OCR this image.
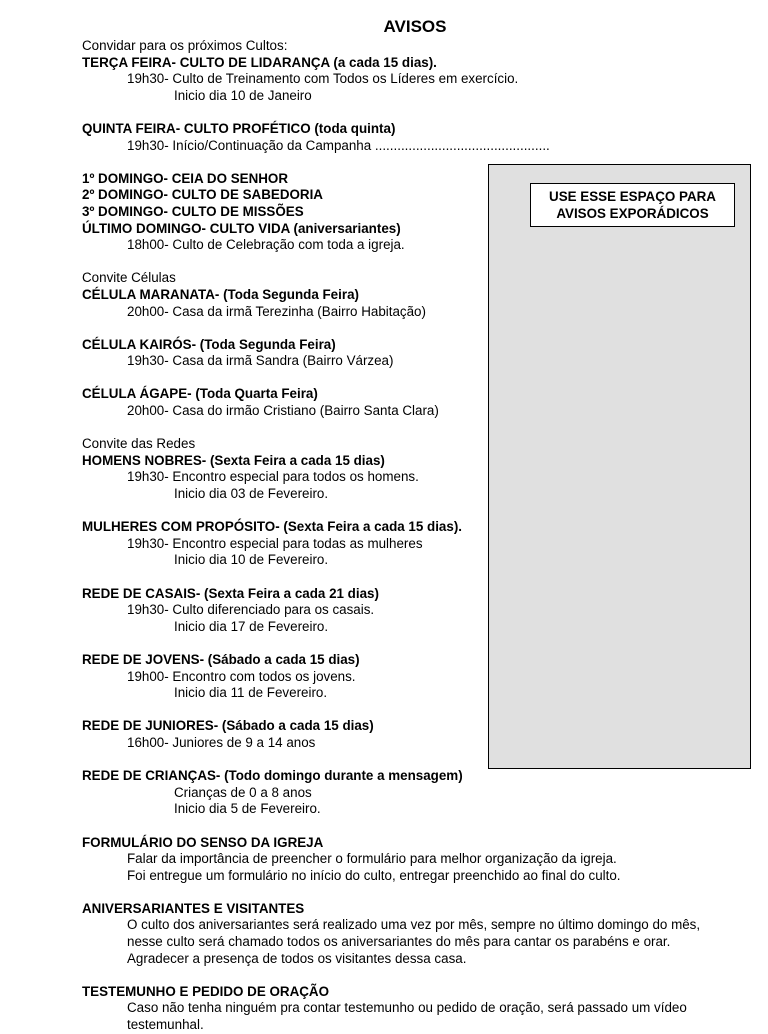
AVISOS
Convidar para os próximos Cultos:
TERÇA FEIRA- CULTO DE LIDARANÇA (a cada 15 dias).
19h30- Culto de Treinamento com Todos os Líderes em exercício.
Inicio dia 10 de Janeiro
QUINTA FEIRA- CULTO PROFÉTICO (toda quinta)
19h30- Início/Continuação da Campanha ...............................................
1º DOMINGO- CEIA DO SENHOR
2º DOMINGO- CULTO DE SABEDORIA
3º DOMINGO- CULTO DE MISSÕES
ÚLTIMO DOMINGO- CULTO VIDA (aniversariantes)
18h00- Culto de Celebração com toda a igreja.
Convite Células
CÉLULA MARANATA- (Toda Segunda Feira)
20h00- Casa da irmã Terezinha (Bairro Habitação)
CÉLULA KAIRÓS- (Toda Segunda Feira)
19h30- Casa da irmã Sandra (Bairro Várzea)
CÉLULA ÁGAPE- (Toda Quarta Feira)
20h00- Casa do irmão Cristiano (Bairro Santa Clara)
Convite das Redes
HOMENS NOBRES- (Sexta Feira a cada 15 dias)
19h30- Encontro especial para todos os homens.
Inicio dia 03 de Fevereiro.
MULHERES COM PROPÓSITO- (Sexta Feira a cada 15 dias).
19h30- Encontro especial para todas as mulheres
Inicio dia 10 de Fevereiro.
REDE DE CASAIS- (Sexta Feira a cada 21 dias)
19h30- Culto diferenciado para os casais.
Inicio dia 17 de Fevereiro.
REDE DE JOVENS- (Sábado a cada 15 dias)
19h00- Encontro com todos os jovens.
Inicio dia 11 de Fevereiro.
REDE DE JUNIORES- (Sábado a cada 15 dias)
16h00- Juniores de 9 a 14 anos
REDE DE CRIANÇAS- (Todo domingo durante a mensagem)
Crianças de 0 a 8 anos
Inicio dia 5 de Fevereiro.
FORMULÁRIO DO SENSO DA IGREJA
Falar da importância de preencher o formulário para melhor organização da igreja.
Foi entregue um formulário no início do culto, entregar preenchido ao final do culto.
ANIVERSARIANTES E VISITANTES
O culto dos aniversariantes será realizado uma vez por mês, sempre no último domingo do mês,
nesse culto será chamado todos os aniversariantes do mês para cantar os parabéns e orar.
Agradecer a presença de todos os visitantes dessa casa.
TESTEMUNHO E PEDIDO DE ORAÇÃO
Caso não tenha ninguém pra contar testemunho ou pedido de oração, será passado um vídeo
testemunhal.
USE ESSE ESPAÇO PARA
AVISOS EXPORÁDICOS
